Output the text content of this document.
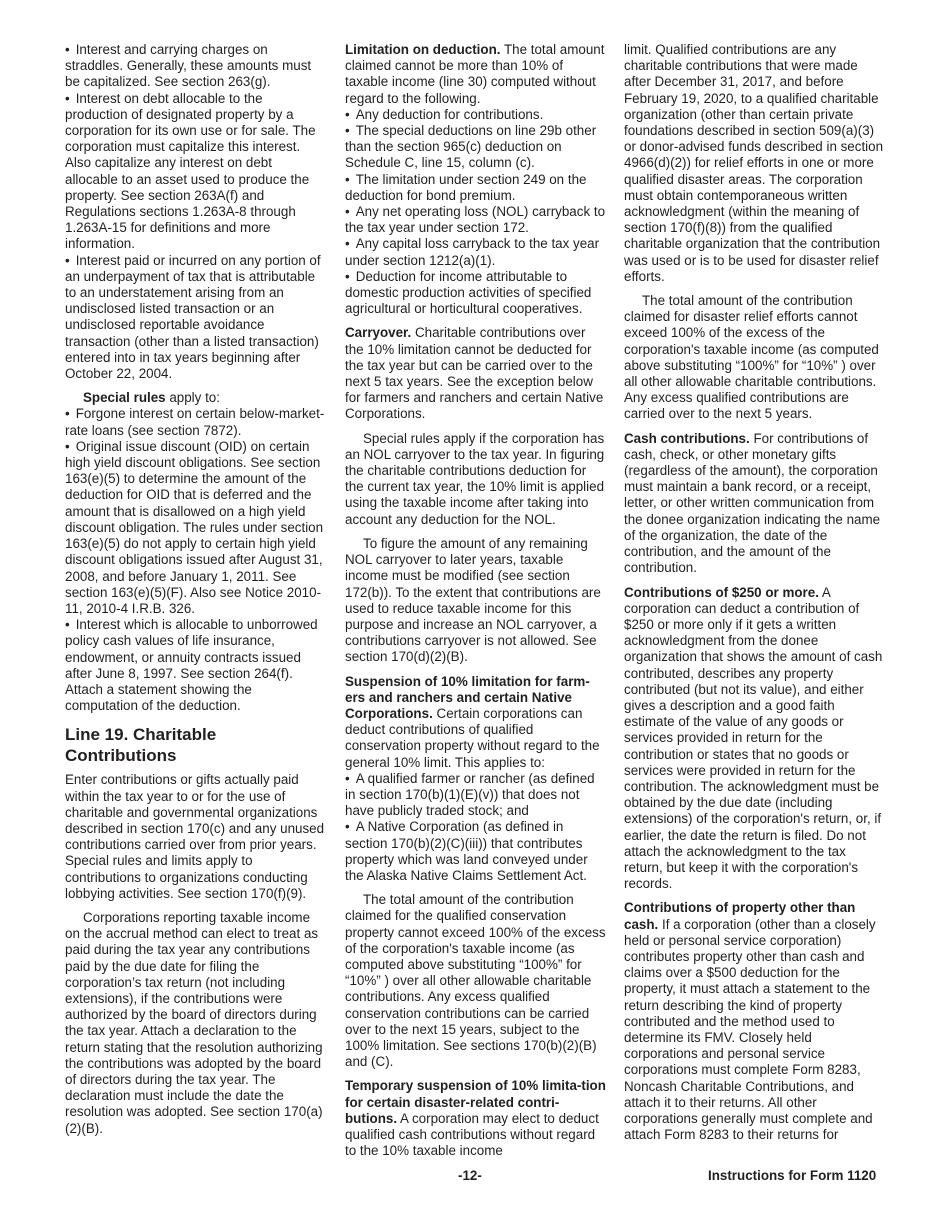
• Interest and carrying charges on straddles. Generally, these amounts must be capitalized. See section 263(g).

• Interest on debt allocable to the production of designated property by a corporation for its own use or for sale. The corporation must capitalize this interest. Also capitalize any interest on debt allocable to an asset used to produce the property. See section 263A(f) and Regulations sections 1.263A-8 through 1.263A-15 for definitions and more information.

• Interest paid or incurred on any portion of an underpayment of tax that is attributable to an understatement arising from an undisclosed listed transaction or an undisclosed reportable avoidance transaction (other than a listed transaction) entered into in tax years beginning after October 22, 2004.

Special rules apply to:

• Forgone interest on certain below-market-rate loans (see section 7872).

• Original issue discount (OID) on certain high yield discount obligations. See section 163(e)(5) to determine the amount of the deduction for OID that is deferred and the amount that is disallowed on a high yield discount obligation. The rules under section 163(e)(5) do not apply to certain high yield discount obligations issued after August 31, 2008, and before January 1, 2011. See section 163(e)(5)(F). Also see Notice 2010-11, 2010-4 I.R.B. 326.

• Interest which is allocable to unborrowed policy cash values of life insurance, endowment, or annuity contracts issued after June 8, 1997. See section 264(f). Attach a statement showing the computation of the deduction.

Line 19. Charitable Contributions

Enter contributions or gifts actually paid within the tax year to or for the use of charitable and governmental organizations described in section 170(c) and any unused contributions carried over from prior years. Special rules and limits apply to contributions to organizations conducting lobbying activities. See section 170(f)(9).

Corporations reporting taxable income on the accrual method can elect to treat as paid during the tax year any contributions paid by the due date for filing the corporation’s tax return (not including extensions), if the contributions were authorized by the board of directors during the tax year. Attach a declaration to the return stating that the resolution authorizing the contributions was adopted by the board of directors during the tax year. The declaration must include the date the resolution was adopted. See section 170(a)(2)(B).

Limitation on deduction. The total amount claimed cannot be more than 10% of taxable income (line 30) computed without regard to the following.

• Any deduction for contributions.

• The special deductions on line 29b other than the section 965(c) deduction on Schedule C, line 15, column (c).

• The limitation under section 249 on the deduction for bond premium.

• Any net operating loss (NOL) carryback to the tax year under section 172.

• Any capital loss carryback to the tax year under section 1212(a)(1).

• Deduction for income attributable to domestic production activities of specified agricultural or horticultural cooperatives.

Carryover. Charitable contributions over the 10% limitation cannot be deducted for the tax year but can be carried over to the next 5 tax years. See the exception below for farmers and ranchers and certain Native Corporations.

Special rules apply if the corporation has an NOL carryover to the tax year. In figuring the charitable contributions deduction for the current tax year, the 10% limit is applied using the taxable income after taking into account any deduction for the NOL.

To figure the amount of any remaining NOL carryover to later years, taxable income must be modified (see section 172(b)). To the extent that contributions are used to reduce taxable income for this purpose and increase an NOL carryover, a contributions carryover is not allowed. See section 170(d)(2)(B).

Suspension of 10% limitation for farm-ers and ranchers and certain Native Corporations. Certain corporations can deduct contributions of qualified conservation property without regard to the general 10% limit. This applies to:

• A qualified farmer or rancher (as defined in section 170(b)(1)(E)(v)) that does not have publicly traded stock; and

• A Native Corporation (as defined in section 170(b)(2)(C)(iii)) that contributes property which was land conveyed under the Alaska Native Claims Settlement Act.

The total amount of the contribution claimed for the qualified conservation property cannot exceed 100% of the excess of the corporation's taxable income (as computed above substituting “100%” for “10%” ) over all other allowable charitable contributions. Any excess qualified conservation contributions can be carried over to the next 15 years, subject to the 100% limitation. See sections 170(b)(2)(B) and (C).

Temporary suspension of 10% limita-tion for certain disaster-related contri-butions. A corporation may elect to deduct qualified cash contributions without regard to the 10% taxable income

limit. Qualified contributions are any charitable contributions that were made after December 31, 2017, and before February 19, 2020, to a qualified charitable organization (other than certain private foundations described in section 509(a)(3) or donor-advised funds described in section 4966(d)(2)) for relief efforts in one or more qualified disaster areas. The corporation must obtain contemporaneous written acknowledgment (within the meaning of section 170(f)(8)) from the qualified charitable organization that the contribution was used or is to be used for disaster relief efforts.

The total amount of the contribution claimed for disaster relief efforts cannot exceed 100% of the excess of the corporation's taxable income (as computed above substituting “100%” for “10%” ) over all other allowable charitable contributions. Any excess qualified contributions are carried over to the next 5 years.

Cash contributions. For contributions of cash, check, or other monetary gifts (regardless of the amount), the corporation must maintain a bank record, or a receipt, letter, or other written communication from the donee organization indicating the name of the organization, the date of the contribution, and the amount of the contribution.

Contributions of $250 or more. A corporation can deduct a contribution of $250 or more only if it gets a written acknowledgment from the donee organization that shows the amount of cash contributed, describes any property contributed (but not its value), and either gives a description and a good faith estimate of the value of any goods or services provided in return for the contribution or states that no goods or services were provided in return for the contribution. The acknowledgment must be obtained by the due date (including extensions) of the corporation's return, or, if earlier, the date the return is filed. Do not attach the acknowledgment to the tax return, but keep it with the corporation's records.

Contributions of property other than cash. If a corporation (other than a closely held or personal service corporation) contributes property other than cash and claims over a $500 deduction for the property, it must attach a statement to the return describing the kind of property contributed and the method used to determine its FMV. Closely held corporations and personal service corporations must complete Form 8283, Noncash Charitable Contributions, and attach it to their returns. All other corporations generally must complete and attach Form 8283 to their returns for

-12-	Instructions for Form 1120
